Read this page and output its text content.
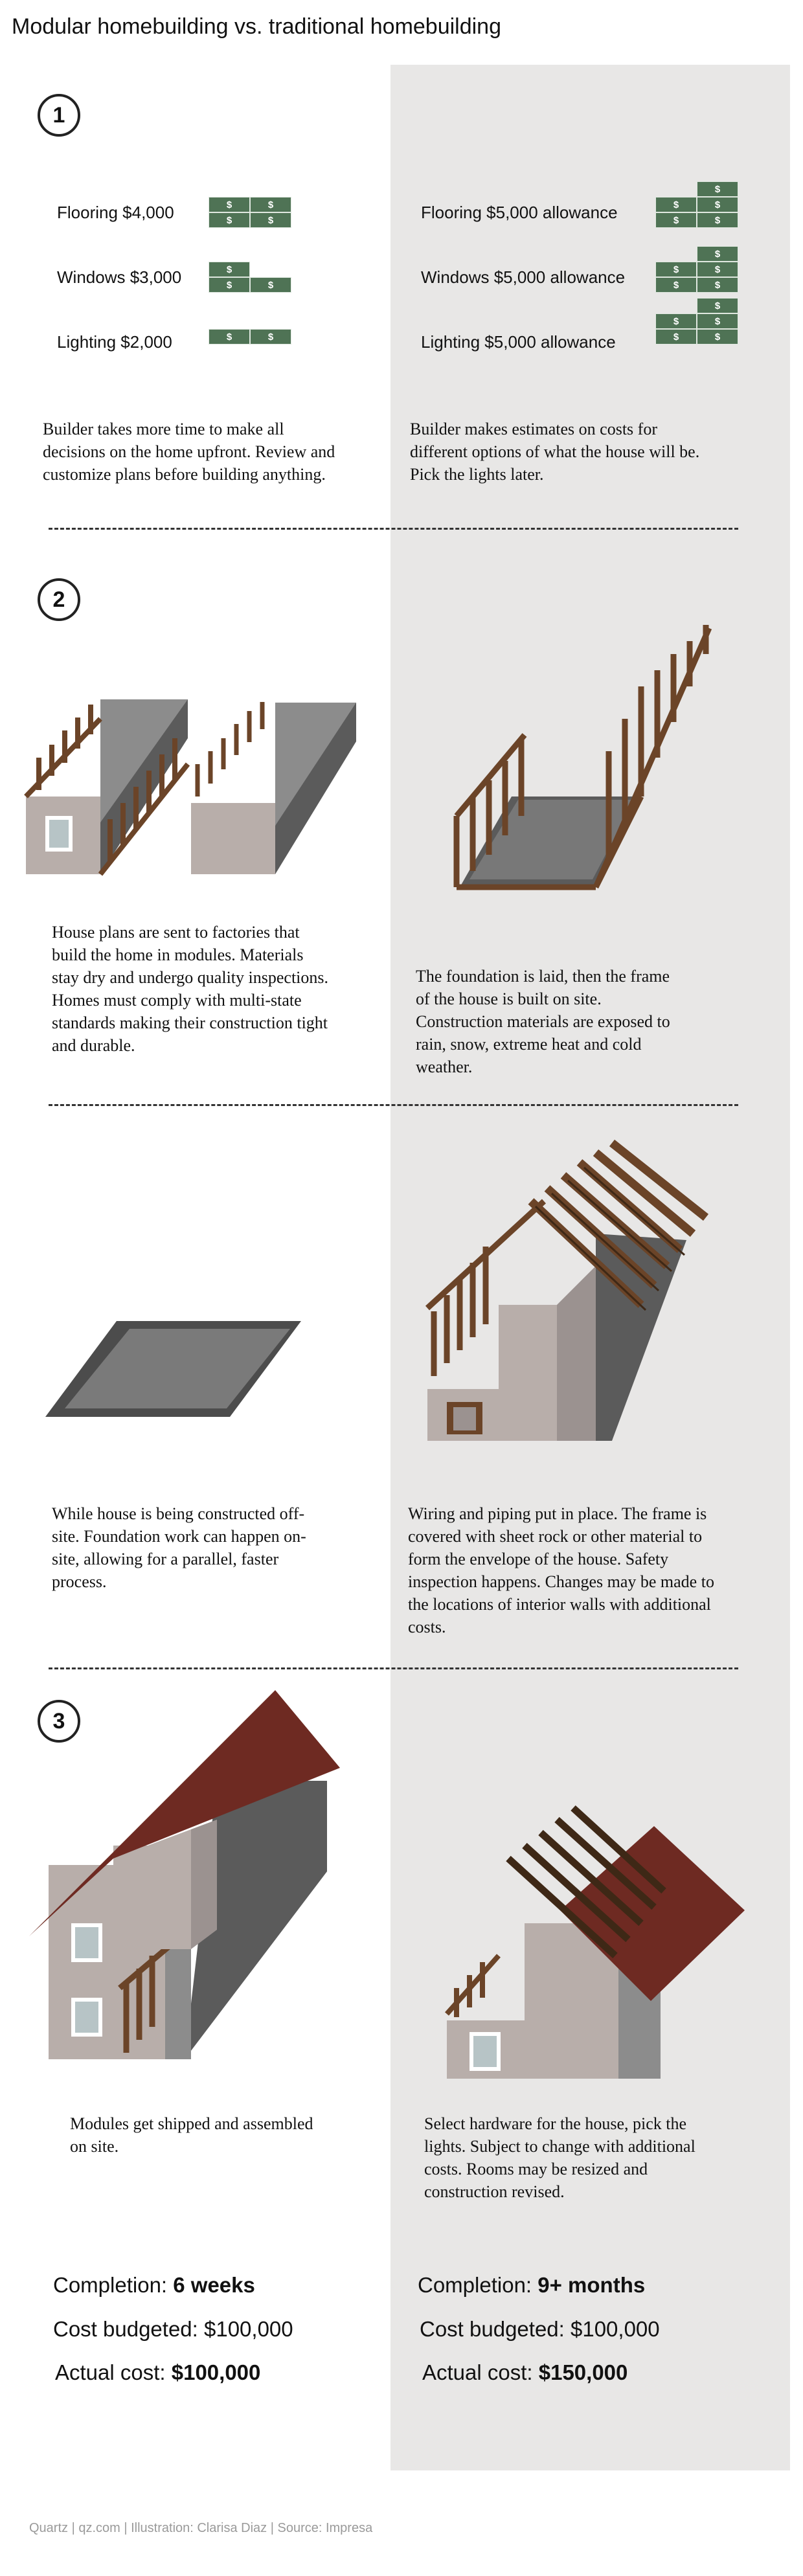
Modular homebuilding vs. traditional homebuilding
1
Flooring $4,000
Windows $3,000
Lighting $2,000
Flooring $5,000 allowance
Windows $5,000 allowance
Lighting $5,000 allowance
$	$
$	$
$	$
$
$	$
$	$
$	$
$
$	$
$	$
$
$	$
$	$
$
Builder takes more time to make all decisions on the home upfront. Review and customize plans before building anything.
Builder makes estimates on costs for different options of what the house will be. Pick the lights later.
2
House plans are sent to factories that build the home in modules. Materials stay dry and undergo quality inspections. Homes must comply with multi-state standards making their construction tight and durable.
The foundation is laid, then the frame of the house is built on site. Construction materials are exposed to rain, snow, extreme heat and cold weather.
While house is being constructed off-site. Foundation work can happen on-site, allowing for a parallel, faster process.
Wiring and piping put in place. The frame is covered with sheet rock or other material to form the envelope of the house. Safety inspection happens. Changes may be made to the locations of interior walls with additional costs.
3
Modules get shipped and assembled on site.
Select hardware for the house, pick the lights. Subject to change with additional costs. Rooms may be resized and construction revised.
Completion: 6 weeks
Cost budgeted: $100,000
Actual cost: $100,000
Completion: 9+ months
Cost budgeted: $100,000
Actual cost: $150,000
Quartz | qz.com | Illustration: Clarisa Diaz | Source: Impresa
